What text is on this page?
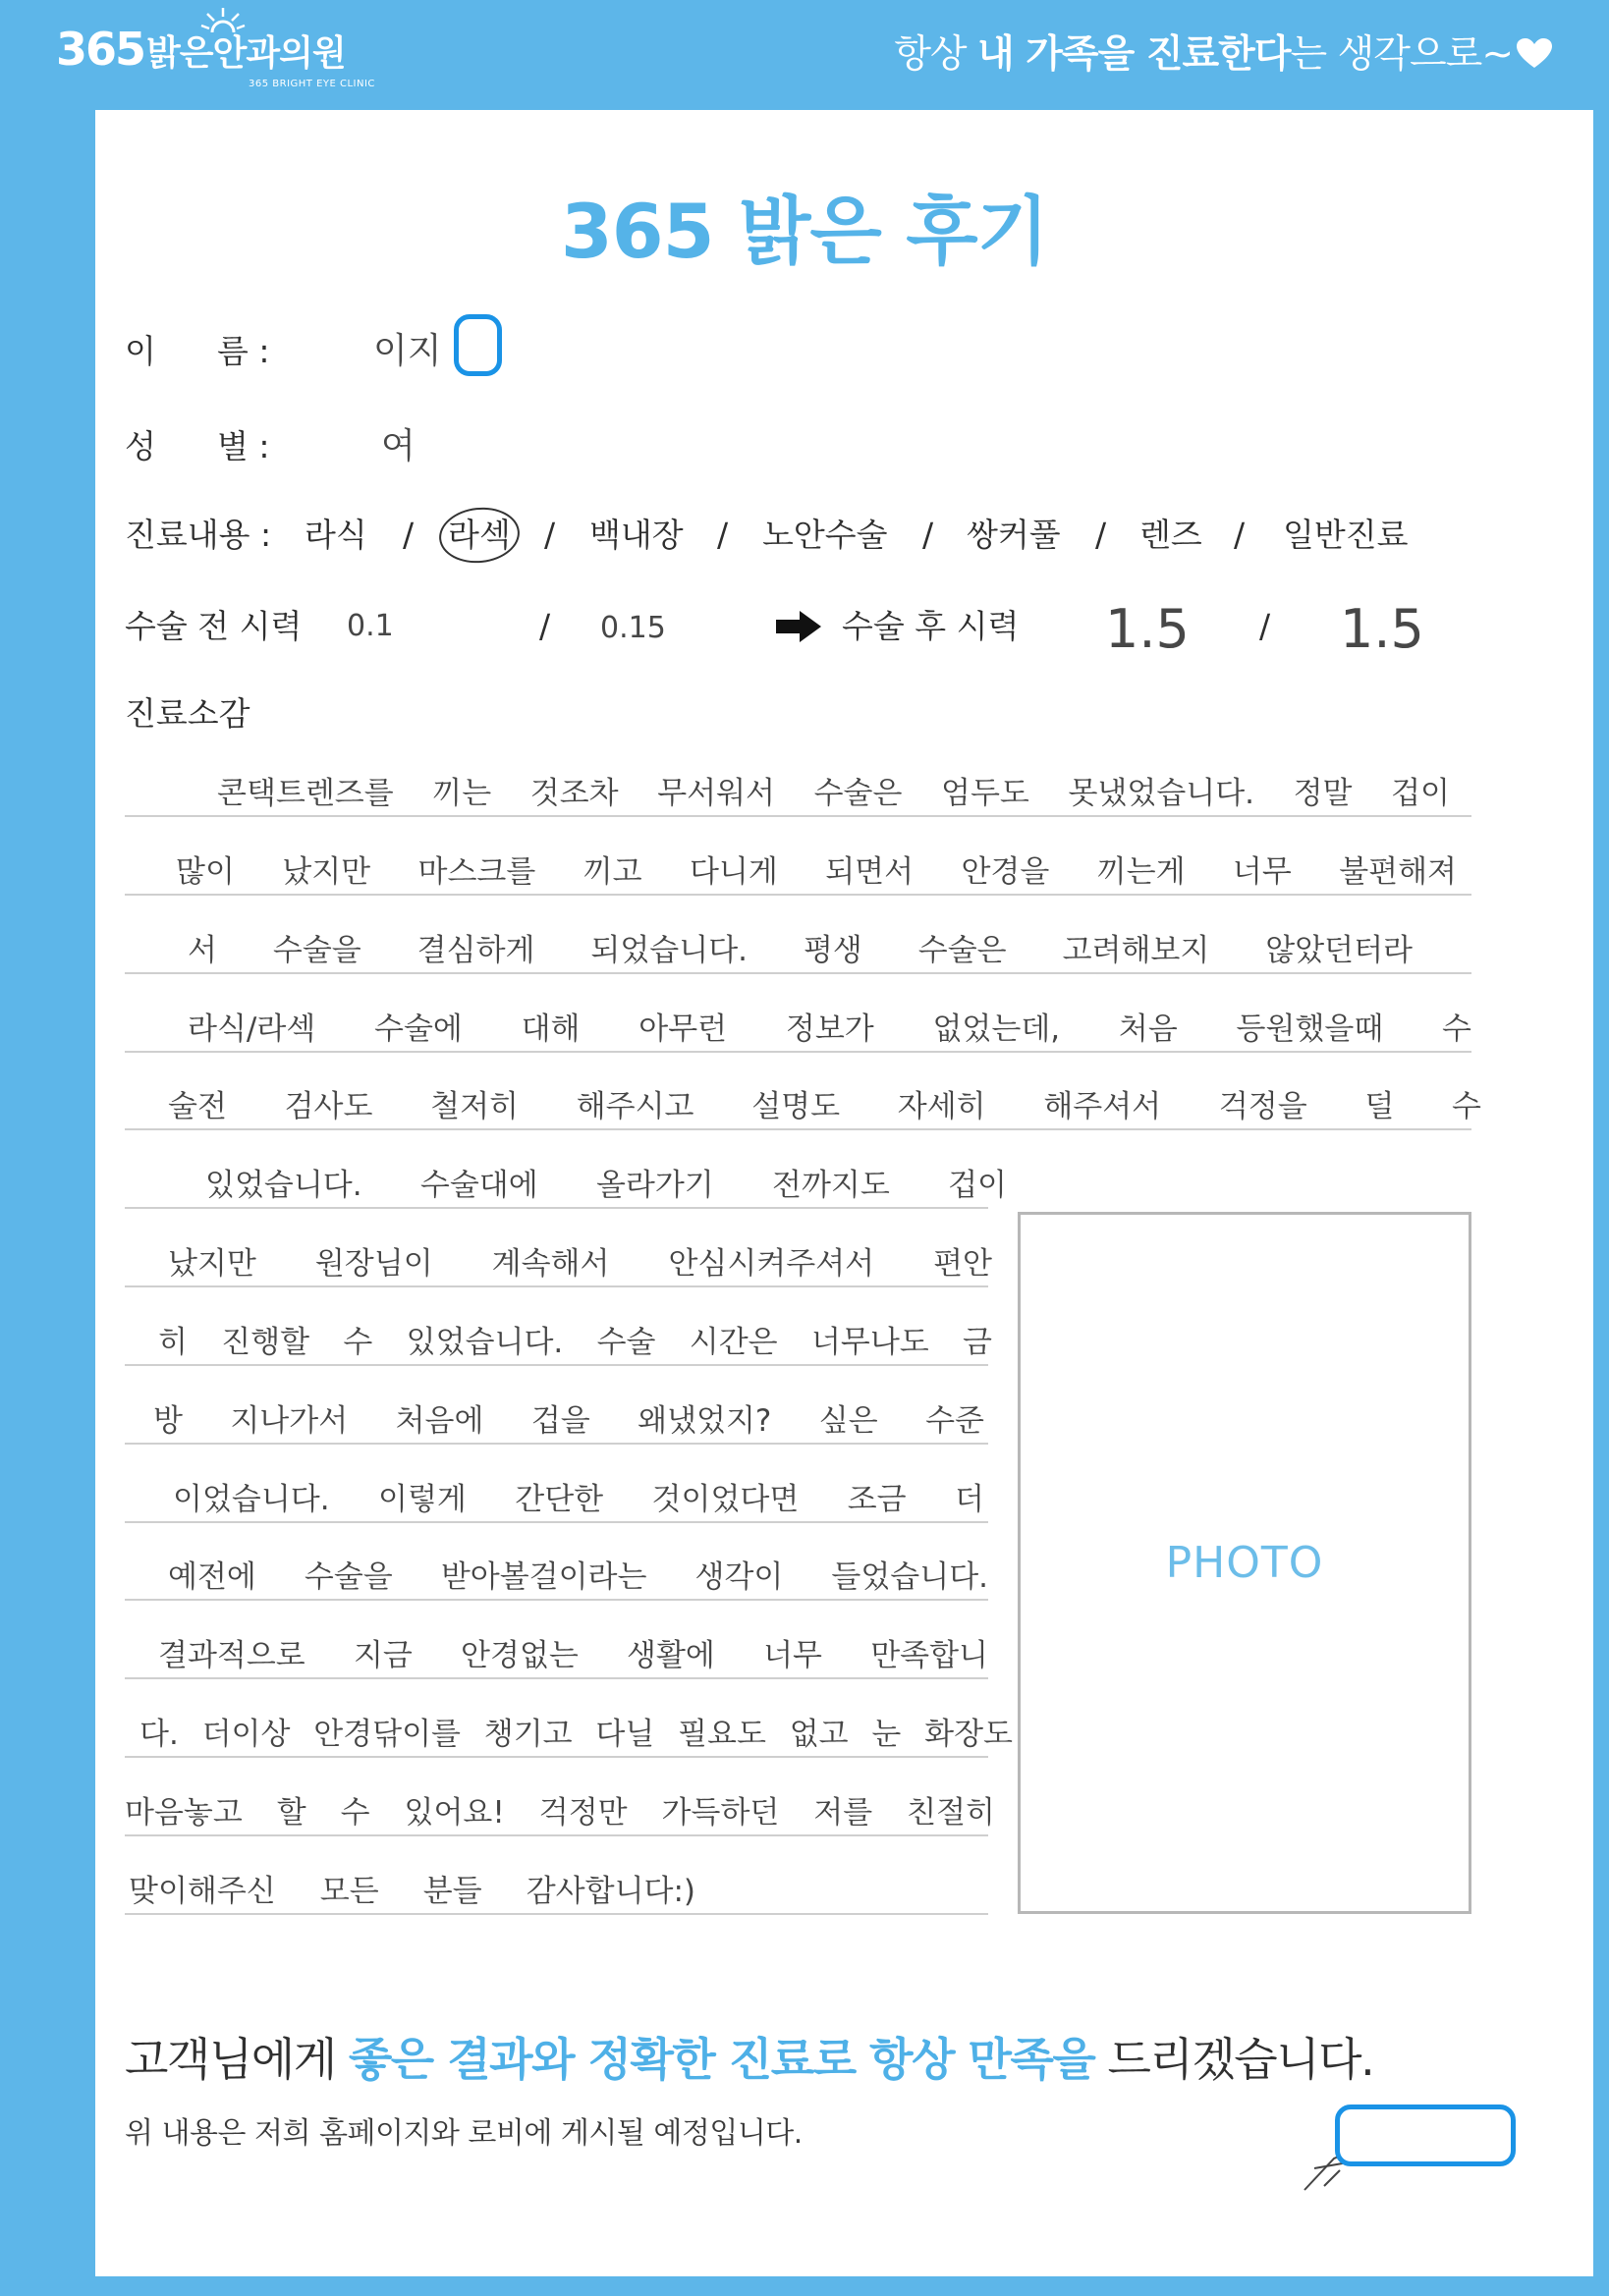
365밝은안과의원
365 BRIGHT EYE CLINIC
항상 내 가족을 진료한다는 생각으로~
365 밝은 후기
이 름 :	이지
성 별 :	여
진료내용 : 라식 / 라섹 / 백내장 / 노안수술 / 쌍커풀 / 렌즈 / 일반진료
수술 전 시력 0.1	/ 0.15	수술 후 시력 1.5 / 1.5
진료소감
콘택트렌즈를 끼는 것조차 무서워서 수술은 엄두도 못냈었습니다. 정말 겁이
많이 났지만 마스크를 끼고 다니게 되면서 안경을 끼는게 너무 불편해져
서 수술을 결심하게 되었습니다. 평생 수술은 고려해보지 않았던터라
라식/라섹 수술에 대해 아무런 정보가 없었는데, 처음 등원했을때 수
술전 검사도 철저히 해주시고 설명도 자세히 해주셔서 걱정을 덜 수
있었습니다. 수술대에 올라가기 전까지도 겁이
났지만 원장님이 계속해서 안심시켜주셔서 편안
히 진행할 수 있었습니다. 수술 시간은 너무나도 금
방 지나가서 처음에 겁을 왜냈었지? 싶은 수준
이었습니다. 이렇게 간단한 것이었다면 조금 더
예전에 수술을 받아볼걸이라는 생각이 들었습니다.
결과적으로 지금 안경없는 생활에 너무 만족합니
다. 더이상 안경닦이를 챙기고 다닐 필요도 없고 눈 화장도
마음놓고 할 수 있어요! 걱정만 가득하던 저를 친절히
맞이해주신 모든 분들 감사합니다:)
PHOTO
고객님에게 좋은 결과와 정확한 진료로 항상 만족을 드리겠습니다.
위 내용은 저희 홈페이지와 로비에 게시될 예정입니다.
